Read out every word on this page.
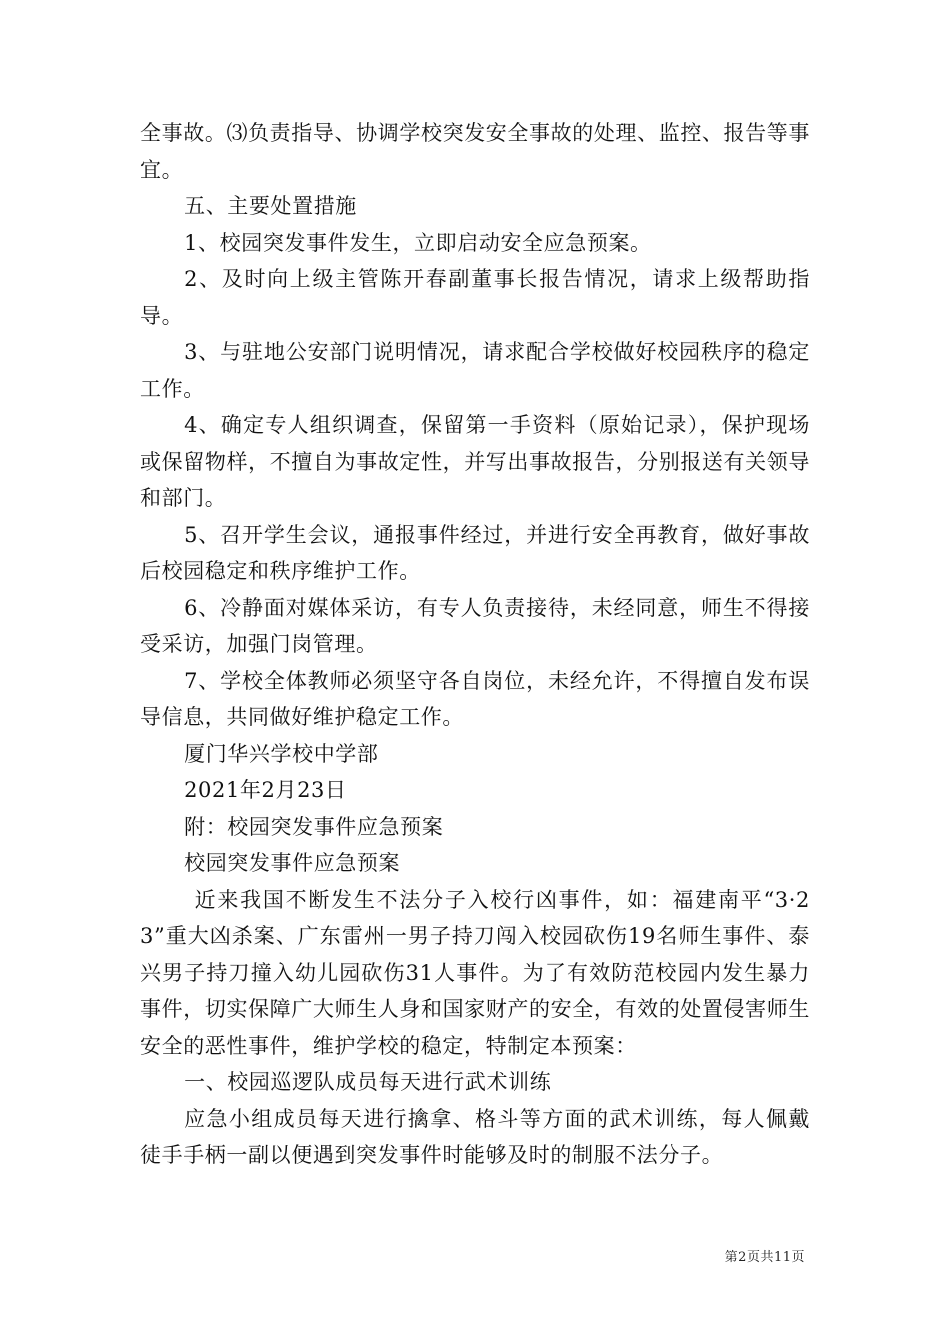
全事故。⑶负责指导、协调学校突发安全事故的处理、监控、报告等事宜。

五、主要处置措施

1、校园突发事件发生，立即启动安全应急预案。

2、及时向上级主管陈开春副董事长报告情况，请求上级帮助指导。

3、与驻地公安部门说明情况，请求配合学校做好校园秩序的稳定工作。

4、确定专人组织调查，保留第一手资料（原始记录），保护现场或保留物样，不擅自为事故定性，并写出事故报告，分别报送有关领导和部门。

5、召开学生会议，通报事件经过，并进行安全再教育，做好事故后校园稳定和秩序维护工作。

6、冷静面对媒体采访，有专人负责接待，未经同意，师生不得接受采访，加强门岗管理。

7、学校全体教师必须坚守各自岗位，未经允许，不得擅自发布误导信息，共同做好维护稳定工作。

厦门华兴学校中学部

2021年2月23日

附：校园突发事件应急预案

校园突发事件应急预案

近来我国不断发生不法分子入校行凶事件，如：福建南平“3·23”重大凶杀案、广东雷州一男子持刀闯入校园砍伤19名师生事件、泰兴男子持刀撞入幼儿园砍伤31人事件。为了有效防范校园内发生暴力事件，切实保障广大师生人身和国家财产的安全，有效的处置侵害师生安全的恶性事件，维护学校的稳定，特制定本预案：

一、校园巡逻队成员每天进行武术训练

应急小组成员每天进行擒拿、格斗等方面的武术训练，每人佩戴徒手手柄一副以便遇到突发事件时能够及时的制服不法分子。

第2页共11页
